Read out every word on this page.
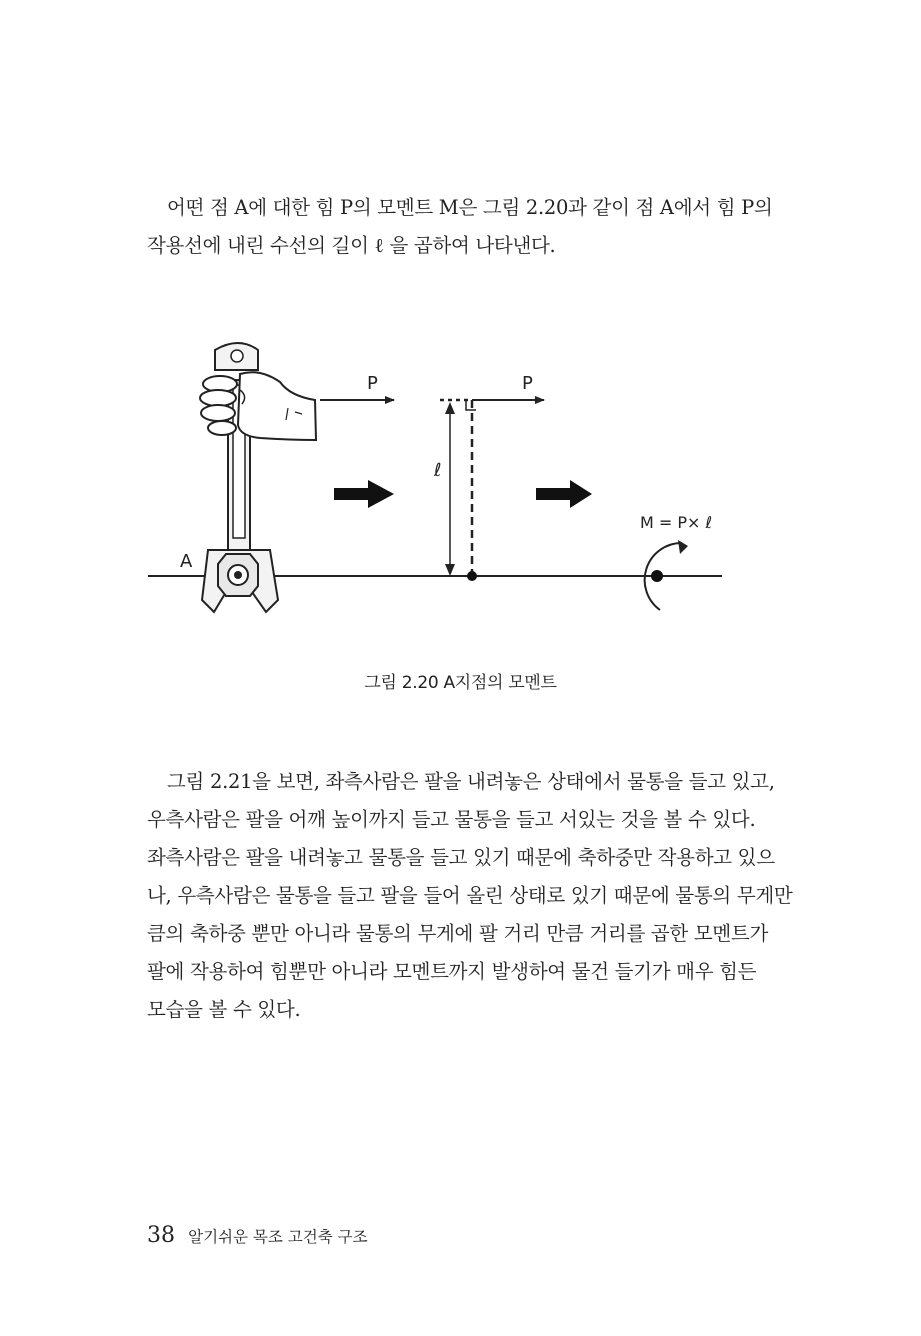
어떤 점 A에 대한 힘 P의 모멘트 M은 그림 2.20과 같이 점 A에서 힘 P의
작용선에 내린 수선의 길이 ℓ 을 곱하여 나타낸다.
A
P	P
ℓ
M = P× ℓ
그림 2.20 A지점의 모멘트
그림 2.21을 보면, 좌측사람은 팔을 내려놓은 상태에서 물통을 들고 있고,
우측사람은 팔을 어깨 높이까지 들고 물통을 들고 서있는 것을 볼 수 있다.
좌측사람은 팔을 내려놓고 물통을 들고 있기 때문에 축하중만 작용하고 있으
나, 우측사람은 물통을 들고 팔을 들어 올린 상태로 있기 때문에 물통의 무게만
큼의 축하중 뿐만 아니라 물통의 무게에 팔 거리 만큼 거리를 곱한 모멘트가
팔에 작용하여 힘뿐만 아니라 모멘트까지 발생하여 물건 들기가 매우 힘든
모습을 볼 수 있다.
38 알기쉬운 목조 고건축 구조
